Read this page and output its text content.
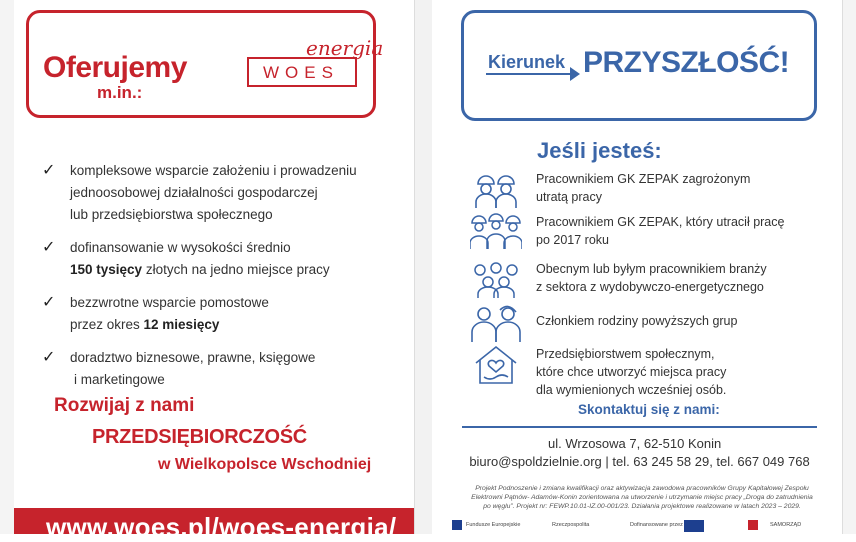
Oferujemy
m.in.:
WOES
energia
✓ kompleksowe wsparcie założeniu i prowadzeniu
jednoosobowej działalności gospodarczej
lub przedsiębiorstwa społecznego
✓ dofinansowanie w wysokości średnio
150 tysięcy złotych na jedno miejsce pracy
✓ bezzwrotne wsparcie pomostowe
przez okres 12 miesięcy
✓ doradztwo biznesowe, prawne, księgowe
i marketingowe
Rozwijaj z nami
PRZEDSIĘBIORCZOŚĆ
w Wielkopolsce Wschodniej
www.woes.pl/woes-energia/
Kierunek PRZYSZŁOŚĆ!
Jeśli jesteś:
Pracownikiem GK ZEPAK zagrożonym
utratą pracy
Pracownikiem GK ZEPAK, który utracił pracę
po 2017 roku
Obecnym lub byłym pracownikiem branży
z sektora z wydobywczo-energetycznego
Członkiem rodziny powyższych grup
Przedsiębiorstwem społecznym,
które chce utworzyć miejsca pracy
dla wymienionych wcześniej osób.
Skontaktuj się z nami:
ul. Wrzosowa 7, 62-510 Konin
biuro@spoldzielnie.org | tel. 63 245 58 29, tel. 667 049 768
Projekt Podnoszenie i zmiana kwalifikacji oraz aktywizacja zawodowa pracowników Grupy Kapitałowej Zespołu
Elektrowni Pątnów- Adamów-Konin zorientowana na utworzenie i utrzymanie miejsc pracy „Droga do zatrudnienia
po węglu”. Projekt nr: FEWP.10.01-IZ.00-001/23. Działania projektowe realizowane w latach 2023 – 2029.
Fundusze Europejskie	Rzeczpospolita	Dofinansowane przez	SAMORZĄD
